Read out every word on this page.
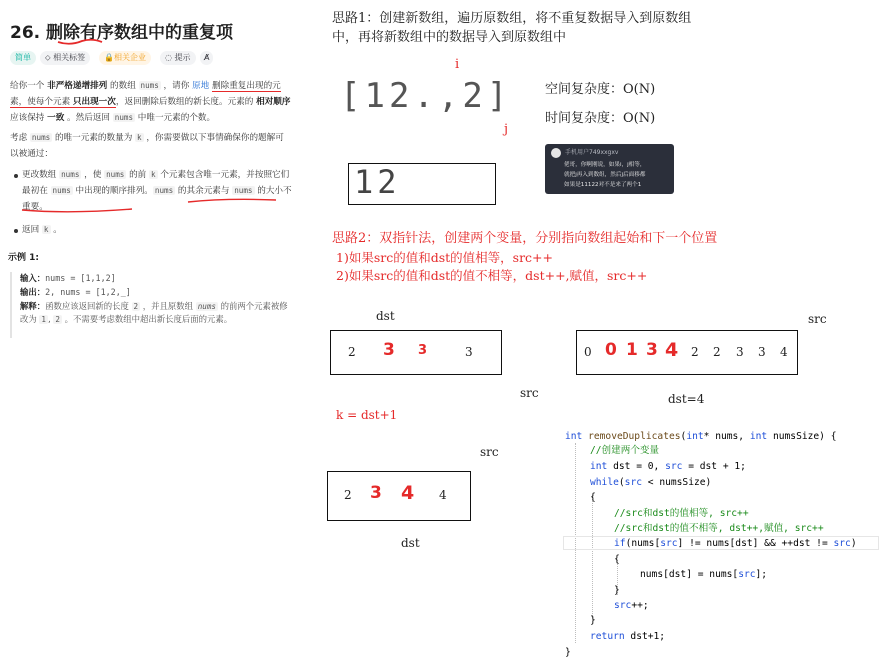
26. 删除有序数组中的重复项
简单	⬦ 相关标签	🔒相关企业	◌ 提示	A̸
给你一个 非严格递增排列 的数组 nums ，请你 原地 删除重复出现的元素，使每个元素 只出现一次，返回删除后数组的新长度。元素的 相对顺序 应该保持 一致 。然后返回 nums 中唯一元素的个数。
考虑 nums 的唯一元素的数量为 k ，你需要做以下事情确保你的题解可以被通过：
更改数组 nums ，使 nums 的前 k 个元素包含唯一元素，并按照它们最初在 nums 中出现的顺序排列。 nums 的其余元素与 nums 的大小不重要。
返回 k 。
示例 1:
输入：nums = [1,1,2]
输出：2, nums = [1,2,_]
解释：函数应该返回新的长度 2 ，并且原数组 nums 的前两个元素被修改为 1 , 2 。不需要考虑数组中超出新长度后面的元素。
思路1：创建新数组，遍历原数组，将不重复数据导入到原数组
中，再将新数组中的数据导入到原数组中
i
[12.,2]
j
空间复杂度：O(N)
时间复杂度：O(N)
手机用户749xxgxv
佬哥，你啊刚说，如果i，j相等，
就把j再入到数组，然后j后面移都
如果是11122对不是来了两个1
12
思路2：双指针法，创建两个变量，分别指向数组起始和下一个位置
1)如果src的值和dst的值相等，src++
2)如果src的值和dst的值不相等，dst++,赋值，src++
dst
2 3 3	3
src
k = dst+1
src
0 0 1 3 4 2 2 3 3 4
dst=4
src
2 3 4 4
dst
int removeDuplicates(int* nums, int numsSize) {
//创建两个变量
int dst = 0, src = dst + 1;
while(src < numsSize)
{
//src和dst的值相等, src++
//src和dst的值不相等, dst++,赋值, src++
if(nums[src] != nums[dst] && ++dst != src)
{
nums[dst] = nums[src];
}
src++;
}
return dst+1;
}
